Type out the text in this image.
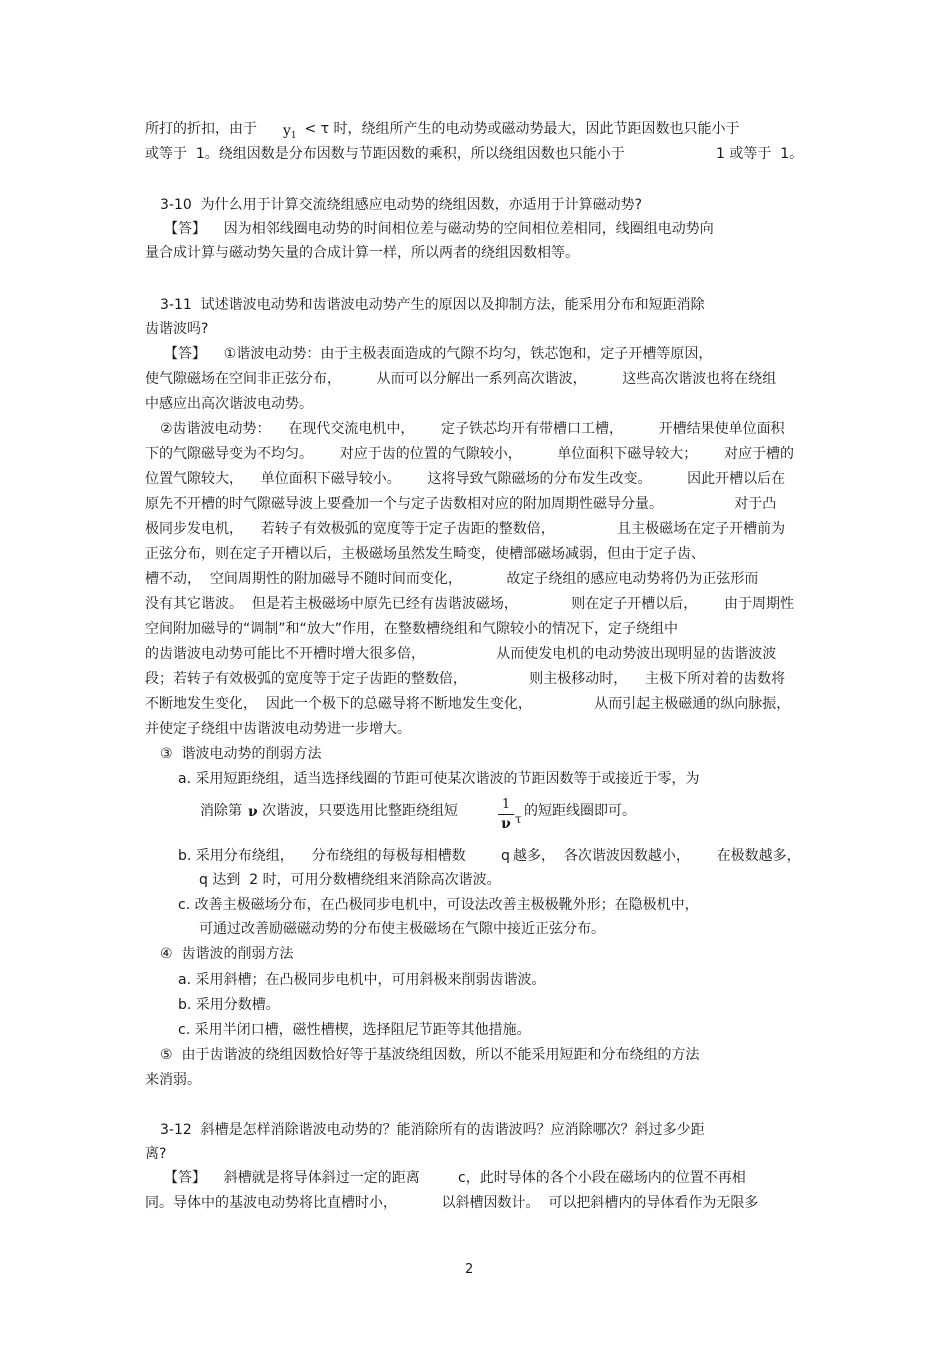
所打的折扣，由于 $y_1 < \tau$ 时，绕组所产生的电动势或磁动势最大，因此节距因数也只能小于
或等于  1。绕组因数是分布因数与节距因数的乘积，所以绕组因数也只能小于	1 或等于  1。
3-10  为什么用于计算交流绕组感应电动势的绕组因数，亦适用于计算磁动势?
【答】    因为相邻线圈电动势的时间相位差与磁动势的空间相位差相同，线圈组电动势向
量合成计算与磁动势矢量的合成计算一样，所以两者的绕组因数相等。
3-11  试述谐波电动势和齿谐波电动势产生的原因以及抑制方法，能采用分布和短距消除
齿谐波吗?
【答】    ①谐波电动势：由于主极表面造成的气隙不均匀，铁芯饱和，定子开槽等原因，
使气隙磁场在空间非正弦分布，        从而可以分解出一系列高次谐波，        这些高次谐波也将在绕组
中感应出高次谐波电动势。
②齿谐波电动势：    在现代交流电机中，      定子铁芯均开有带槽口工槽，        开槽结果使单位面积
下的气隙磁导变为不均匀。      对应于齿的位置的气隙较小，        单位面积下磁导较大；      对应于槽的
位置气隙较大，    单位面积下磁导较小。      这将导致气隙磁场的分布发生改变。        因此开槽以后在
原先不开槽的时气隙磁导波上要叠加一个与定子齿数相对应的附加周期性磁导分量。                对于凸
极同步发电机，    若转子有效极弧的宽度等于定子齿距的整数倍，              且主极磁场在定子开槽前为
正弦分布，则在定子开槽以后，主极磁场虽然发生畸变，使槽部磁场减弱，但由于定子齿、
槽不动，  空间周期性的附加磁导不随时间而变化，          故定子绕组的感应电动势将仍为正弦形而
没有其它谐波。  但是若主极磁场中原先已经有齿谐波磁场，            则在定子开槽以后，      由于周期性
空间附加磁导的“调制”和“放大”作用，在整数槽绕组和气隙较小的情况下，定子绕组中
的齿谐波电动势可能比不开槽时增大很多倍，                从而使发电机的电动势波出现明显的齿谐波波
段；若转子有效极弧的宽度等于定子齿距的整数倍，              则主极移动时，    主极下所对着的齿数将
不断地发生变化，  因此一个极下的总磁导将不断地发生变化，              从而引起主极磁通的纵向脉振，
并使定子绕组中齿谐波电动势进一步增大。
③  谐波电动势的削弱方法
a. 采用短距绕组，适当选择线圈的节距可使某次谐波的节距因数等于或接近于零，为
消除第 ν 次谐波，只要选用比整距绕组短	1
ν τ 的短距线圈即可。
b. 采用分布绕组，    分布绕组的每极每相槽数	q 越多，  各次谐波因数越小，      在极数越多，
q 达到  2 时，可用分数槽绕组来消除高次谐波。
c. 改善主极磁场分布，在凸极同步电机中，可设法改善主极极靴外形；在隐极机中，
可通过改善励磁磁动势的分布使主极磁场在气隙中接近正弦分布。
④  齿谐波的削弱方法
a. 采用斜槽；在凸极同步电机中，可用斜极来削弱齿谐波。
b. 采用分数槽。
c. 采用半闭口槽，磁性槽楔，选择阻尼节距等其他措施。
⑤  由于齿谐波的绕组因数恰好等于基波绕组因数，所以不能采用短距和分布绕组的方法
来消弱。
3-12  斜槽是怎样消除谐波电动势的？能消除所有的齿谐波吗？应消除哪次？斜过多少距
离?
【答】    斜槽就是将导体斜过一定的距离	c，此时导体的各个小段在磁场内的位置不再相
同。导体中的基波电动势将比直槽时小，          以斜槽因数计。  可以把斜槽内的导体看作为无限多
2
